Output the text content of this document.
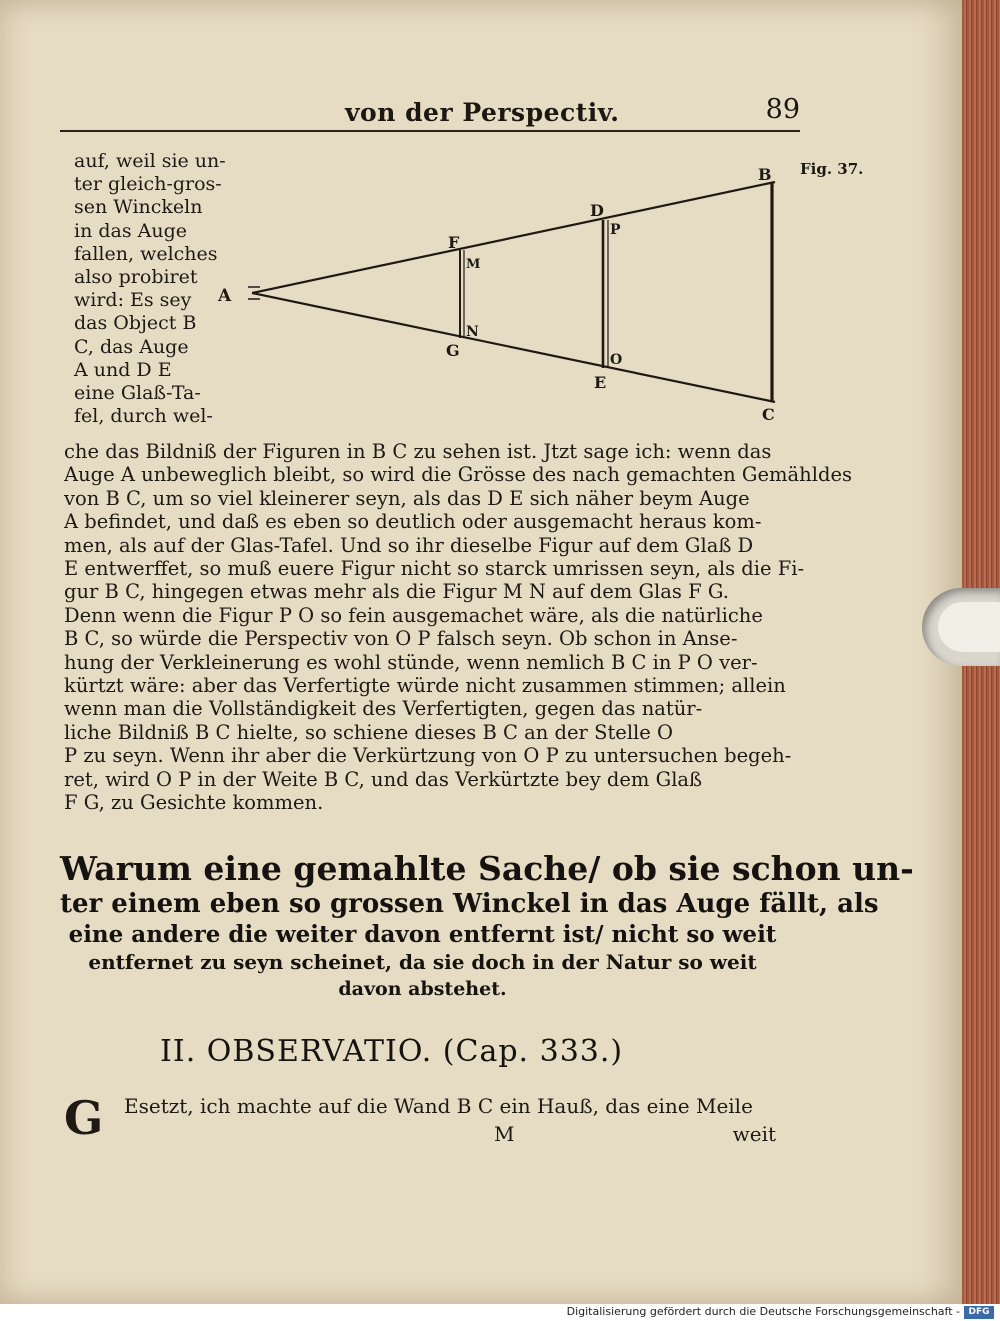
von der Perspectiv.	89
Fig. 37.
auf, weil sie un-
ter gleich-gros-
sen Winckeln
in das Auge
fallen, welches
also probiret
wird: Es sey
das Object B
C, das Auge
A und D E
eine Glaß-Ta-
fel, durch wel-
A
B
C
D
P
F
M
N
G	O
E
che das Bildniß der Figuren in B C zu sehen ist. Jtzt sage ich: wenn das
Auge A unbeweglich bleibt, so wird die Grösse des nach gemachten Gemähldes
von B C, um so viel kleinerer seyn, als das D E sich näher beym Auge
A befindet, und daß es eben so deutlich oder ausgemacht heraus kom-
men, als auf der Glas-Tafel. Und so ihr dieselbe Figur auf dem Glaß D
E entwerffet, so muß euere Figur nicht so starck umrissen seyn, als die Fi-
gur B C, hingegen etwas mehr als die Figur M N auf dem Glas F G.
Denn wenn die Figur P O so fein ausgemachet wäre, als die natürliche
B C, so würde die Perspectiv von O P falsch seyn. Ob schon in Anse-
hung der Verkleinerung es wohl stünde, wenn nemlich B C in P O ver-
kürtzt wäre: aber das Verfertigte würde nicht zusammen stimmen; allein
wenn man die Vollständigkeit des Verfertigten, gegen das natür-
liche Bildniß B C hielte, so schiene dieses B C an der Stelle O
P zu seyn. Wenn ihr aber die Verkürtzung von O P zu untersuchen begeh-
ret, wird O P in der Weite B C, und das Verkürtzte bey dem Glaß
F G, zu Gesichte kommen.
Warum eine gemahlte Sache/ ob sie schon un-
ter einem eben so grossen Winckel in das Auge fällt, als
eine andere die weiter davon entfernt ist/ nicht so weit
entfernet zu seyn scheinet, da sie doch in der Natur so weit
davon abstehet.
II. OBSERVATIO. (Cap. 333.)
G Esetzt, ich machte auf die Wand B C ein Hauß, das eine Meile
M	weit
Digitalisierung gefördert durch die Deutsche Forschungsgemeinschaft - DFG
